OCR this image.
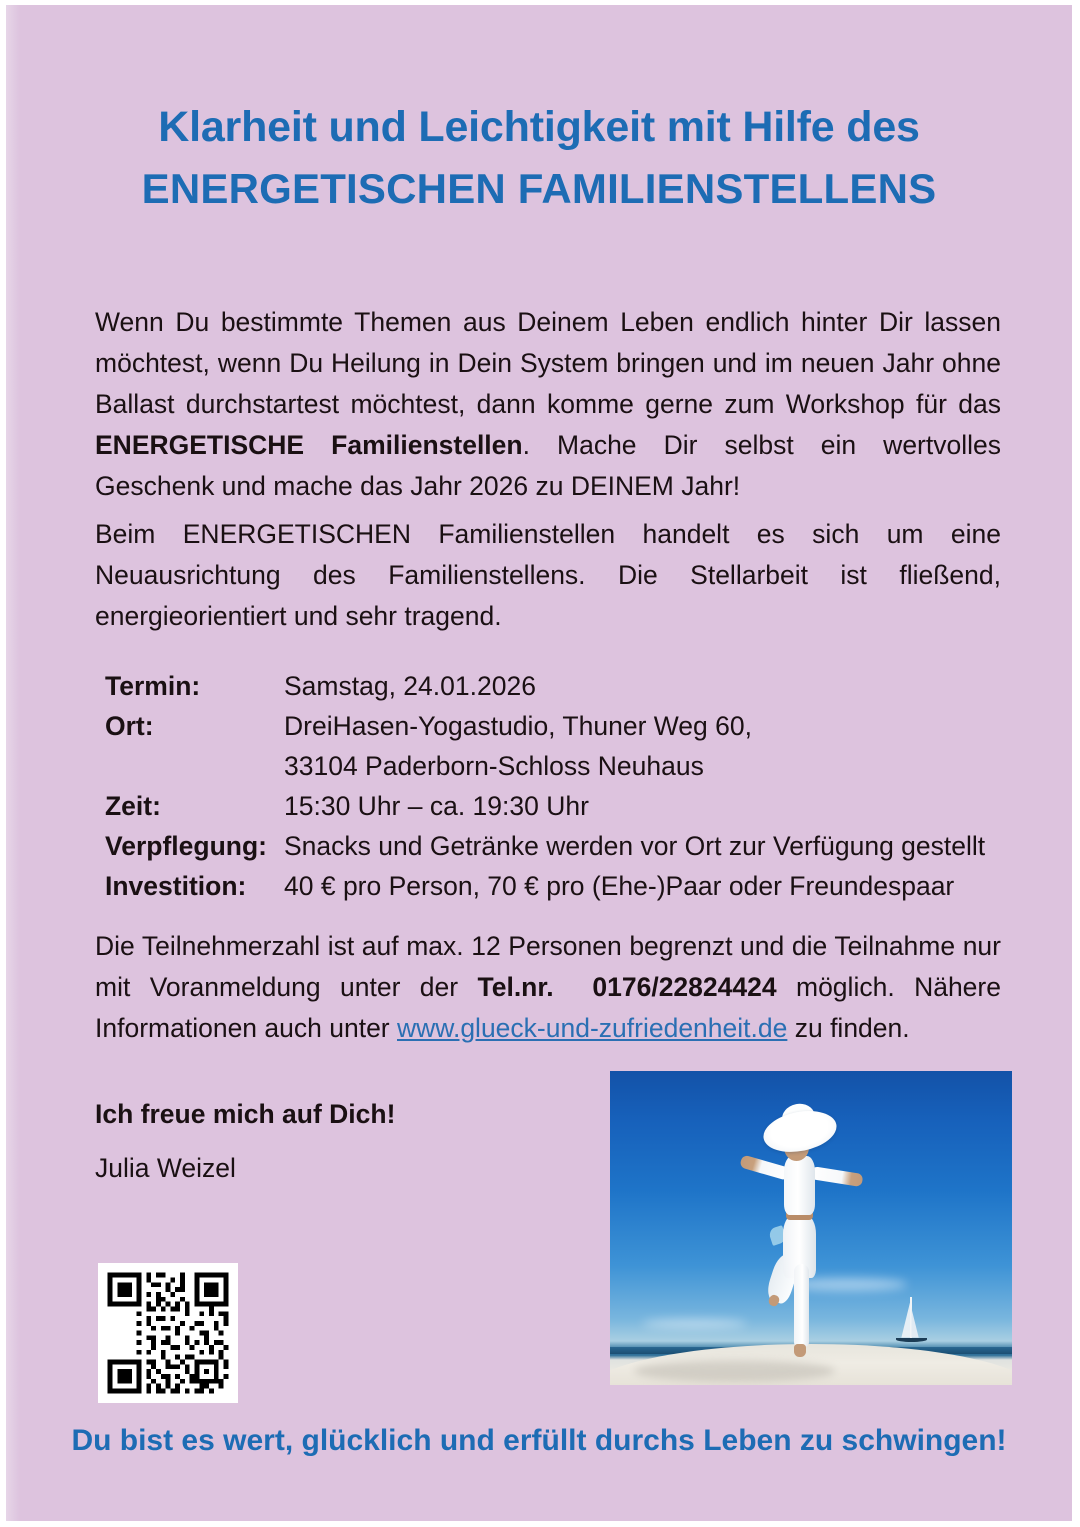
Klarheit und Leichtigkeit mit Hilfe des
ENERGETISCHEN FAMILIENSTELLENS
Wenn Du bestimmte Themen aus Deinem Leben endlich hinter Dir lassen möchtest, wenn Du Heilung in Dein System bringen und im neuen Jahr ohne Ballast durchstartest möchtest, dann komme gerne zum Workshop für das ENERGETISCHE Familienstellen. Mache Dir selbst ein wertvolles Geschenk und mache das Jahr 2026 zu DEINEM Jahr!
Beim ENERGETISCHEN Familienstellen handelt es sich um eine Neuausrichtung des Familienstellens. Die Stellarbeit ist fließend, energieorientiert und sehr tragend.
Termin:	Samstag, 24.01.2026
Ort:	DreiHasen-Yogastudio, Thuner Weg 60,
33104 Paderborn-Schloss Neuhaus
Zeit:	15:30 Uhr – ca. 19:30 Uhr
Verpflegung: Snacks und Getränke werden vor Ort zur Verfügung gestellt
Investition:	40 € pro Person, 70 € pro (Ehe-)Paar oder Freundespaar
Die Teilnehmerzahl ist auf max. 12 Personen begrenzt und die Teilnahme nur mit Voranmeldung unter der Tel.nr. 0176/22824424 möglich. Nähere Informationen auch unter www.glueck-und-zufriedenheit.de zu finden.
Ich freue mich auf Dich!
Julia Weizel
Du bist es wert, glücklich und erfüllt durchs Leben zu schwingen!
